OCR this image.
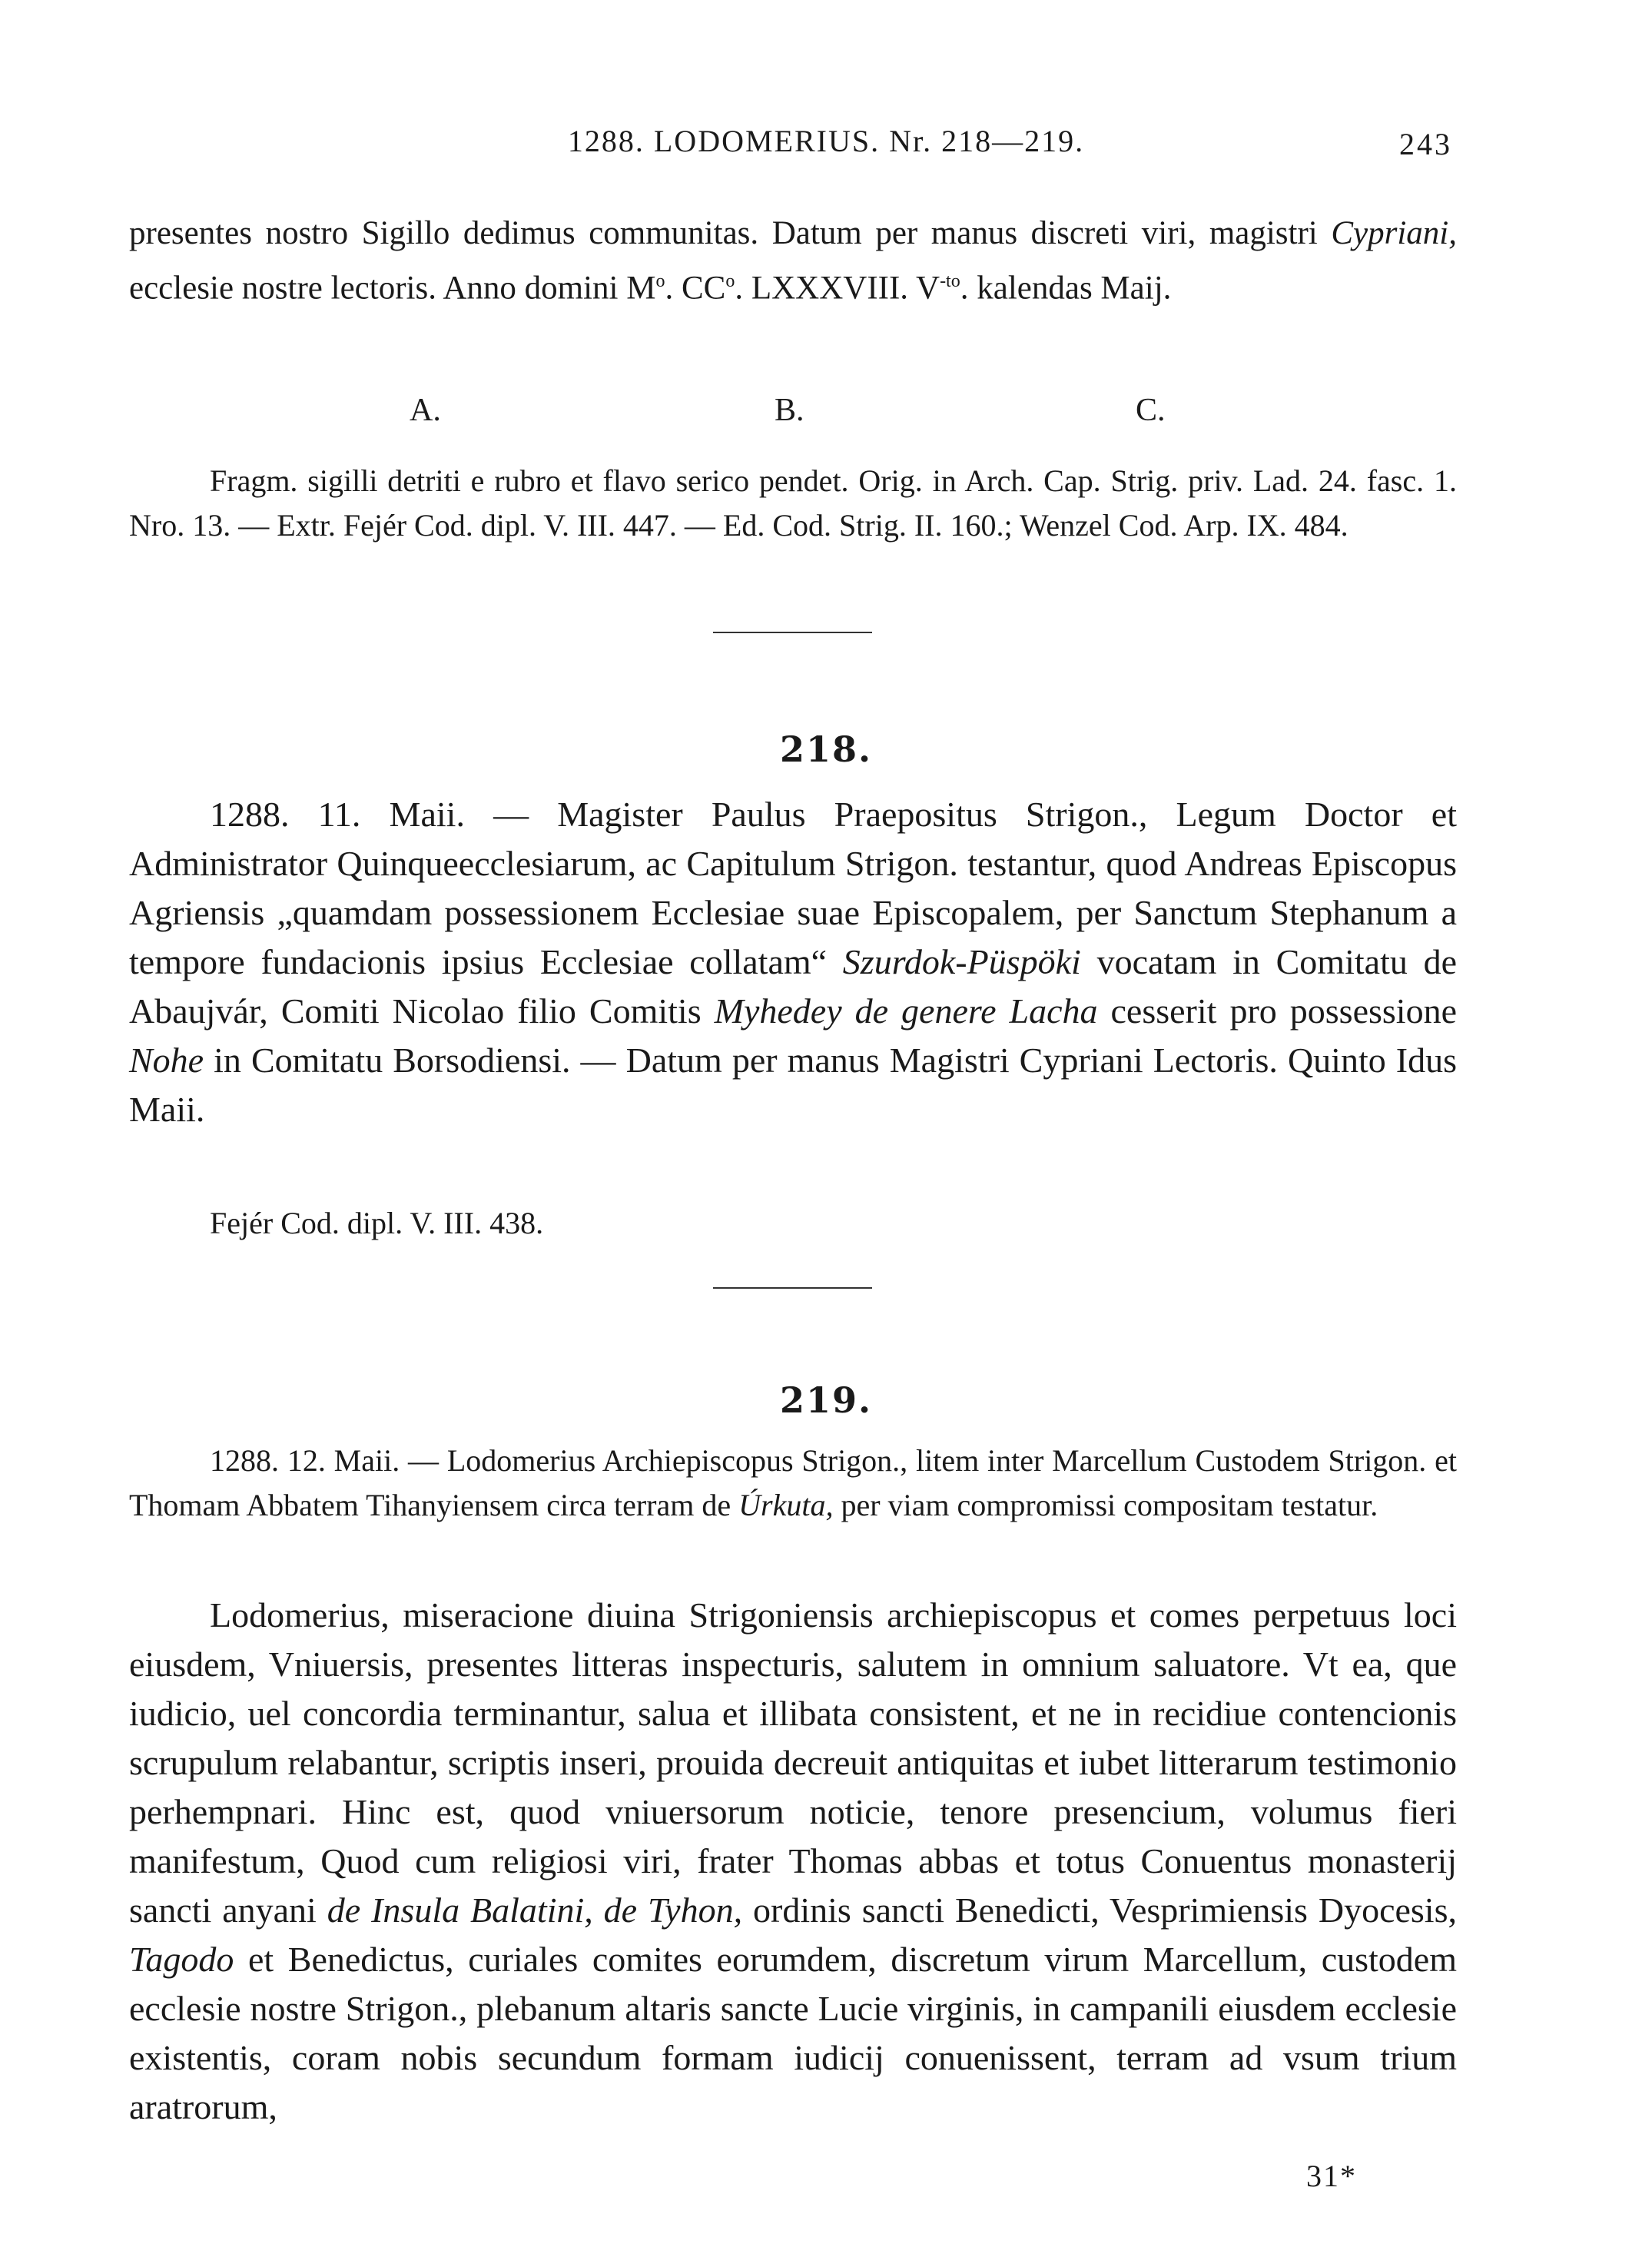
1288. LODOMERIUS. Nr. 218—219.	243
presentes nostro Sigillo dedimus communitas. Datum per manus discreti viri, magistri Cypriani, ecclesie nostre lectoris. Anno domini $M^o$. $CC^o$. LXXXVIII. $V^{-to}$. kalendas Maij.
A.	B.	C.
Fragm. sigilli detriti e rubro et flavo serico pendet. Orig. in Arch. Cap. Strig. priv. Lad. 24. fasc. 1. Nro. 13. — Extr. Fejér Cod. dipl. V. III. 447. — Ed. Cod. Strig. II. 160.; Wenzel Cod. Arp. IX. 484.
218.
1288. 11. Maii. — Magister Paulus Praepositus Strigon., Legum Doctor et Administrator Quinqueecclesiarum, ac Capitulum Strigon. testantur, quod Andreas Episcopus Agriensis „quamdam possessionem Ecclesiae suae Episcopalem, per Sanctum Stephanum a tempore fundacionis ipsius Ecclesiae collatam“ Szurdok-Püspöki vocatam in Comitatu de Abaujvár, Comiti Nicolao filio Comitis Myhedey de genere Lacha cesserit pro possessione Nohe in Comitatu Borsodiensi. — Datum per manus Magistri Cypriani Lectoris. Quinto Idus Maii.
Fejér Cod. dipl. V. III. 438.
219.
1288. 12. Maii. — Lodomerius Archiepiscopus Strigon., litem inter Marcellum Custodem Strigon. et Thomam Abbatem Tihanyiensem circa terram de Úrkuta, per viam compromissi compositam testatur.
Lodomerius, miseracione diuina Strigoniensis archiepiscopus et comes perpetuus loci eiusdem, Vniuersis, presentes litteras inspecturis, salutem in omnium saluatore. Vt ea, que iudicio, uel concordia terminantur, salua et illibata consistent, et ne in recidiue contencionis scrupulum relabantur, scriptis inseri, prouida decreuit antiquitas et iubet litterarum testimonio perhempnari. Hinc est, quod vniuersorum noticie, tenore presencium, volumus fieri manifestum, Quod cum religiosi viri, frater Thomas abbas et totus Conuentus monasterij sancti anyani de Insula Balatini, de Tyhon, ordinis sancti Benedicti, Vesprimiensis Dyocesis, Tagodo et Benedictus, curiales comites eorumdem, discretum virum Marcellum, custodem ecclesie nostre Strigon., plebanum altaris sancte Lucie virginis, in campanili eiusdem ecclesie existentis, coram nobis secundum formam iudicij conuenissent, terram ad vsum trium aratrorum,
31*
